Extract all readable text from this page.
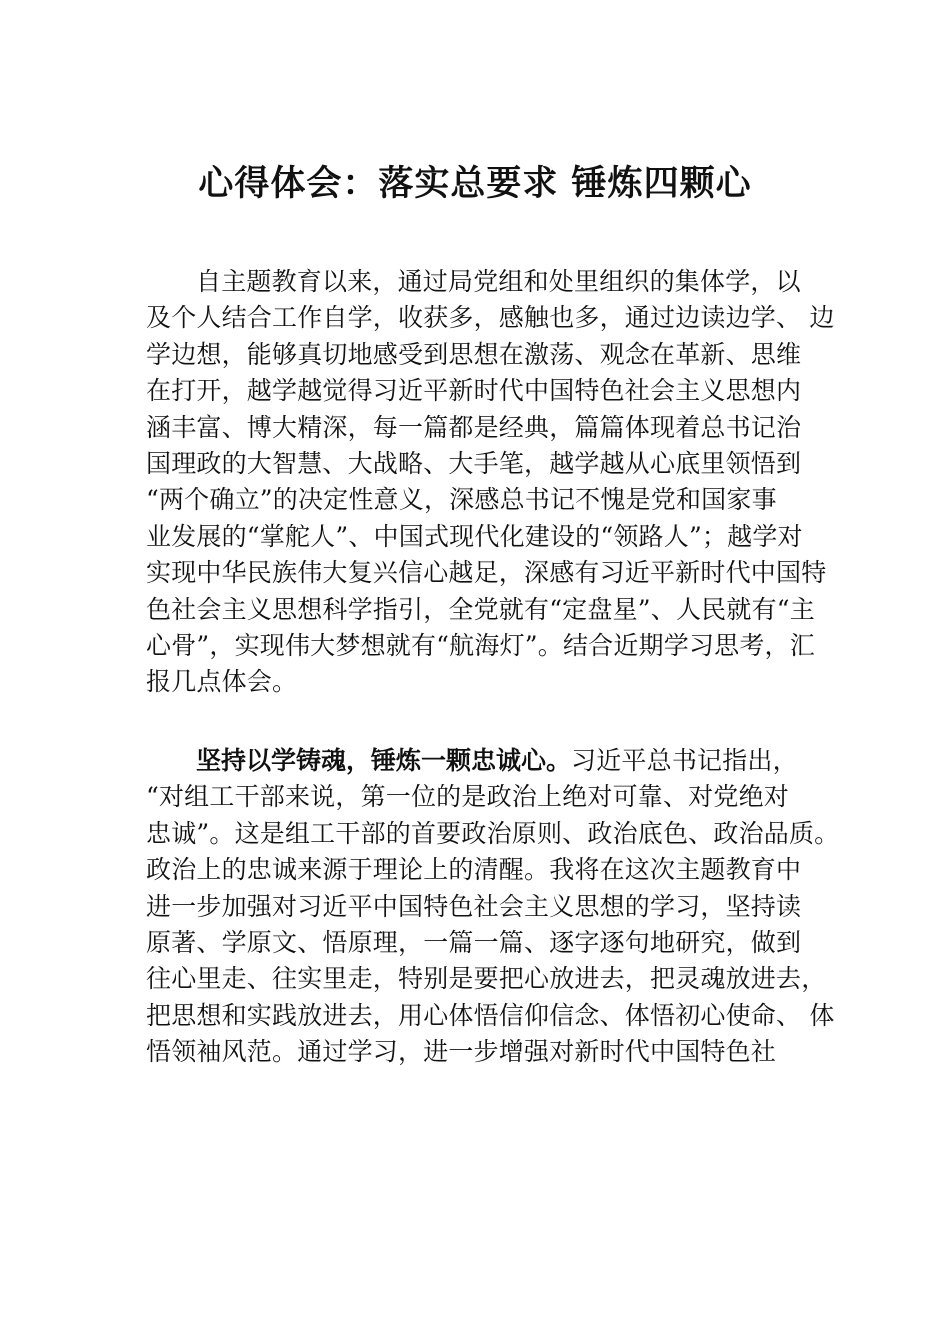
心得体会：落实总要求 锤炼四颗心
自主题教育以来，通过局党组和处里组织的集体学，以
及个人结合工作自学，收获多，感触也多，通过边读边学、 边
学边想，能够真切地感受到思想在激荡、观念在革新、思维
在打开，越学越觉得习近平新时代中国特色社会主义思想内
涵丰富、博大精深，每一篇都是经典，篇篇体现着总书记治
国理政的大智慧、大战略、大手笔，越学越从心底里领悟到
“两个确立”的决定性意义，深感总书记不愧是党和国家事
业发展的“掌舵人”、中国式现代化建设的“领路人”；越学对
实现中华民族伟大复兴信心越足，深感有习近平新时代中国特
色社会主义思想科学指引，全党就有“定盘星”、人民就有“主
心骨”，实现伟大梦想就有“航海灯”。结合近期学习思考，汇
报几点体会。
坚持以学铸魂，锤炼一颗忠诚心。习近平总书记指出，
“对组工干部来说，第一位的是政治上绝对可靠、对党绝对
忠诚”。这是组工干部的首要政治原则、政治底色、政治品质。
政治上的忠诚来源于理论上的清醒。我将在这次主题教育中
进一步加强对习近平中国特色社会主义思想的学习，坚持读
原著、学原文、悟原理，一篇一篇、逐字逐句地研究，做到
往心里走、往实里走，特别是要把心放进去，把灵魂放进去，
把思想和实践放进去，用心体悟信仰信念、体悟初心使命、 体
悟领袖风范。通过学习，进一步增强对新时代中国特色社
